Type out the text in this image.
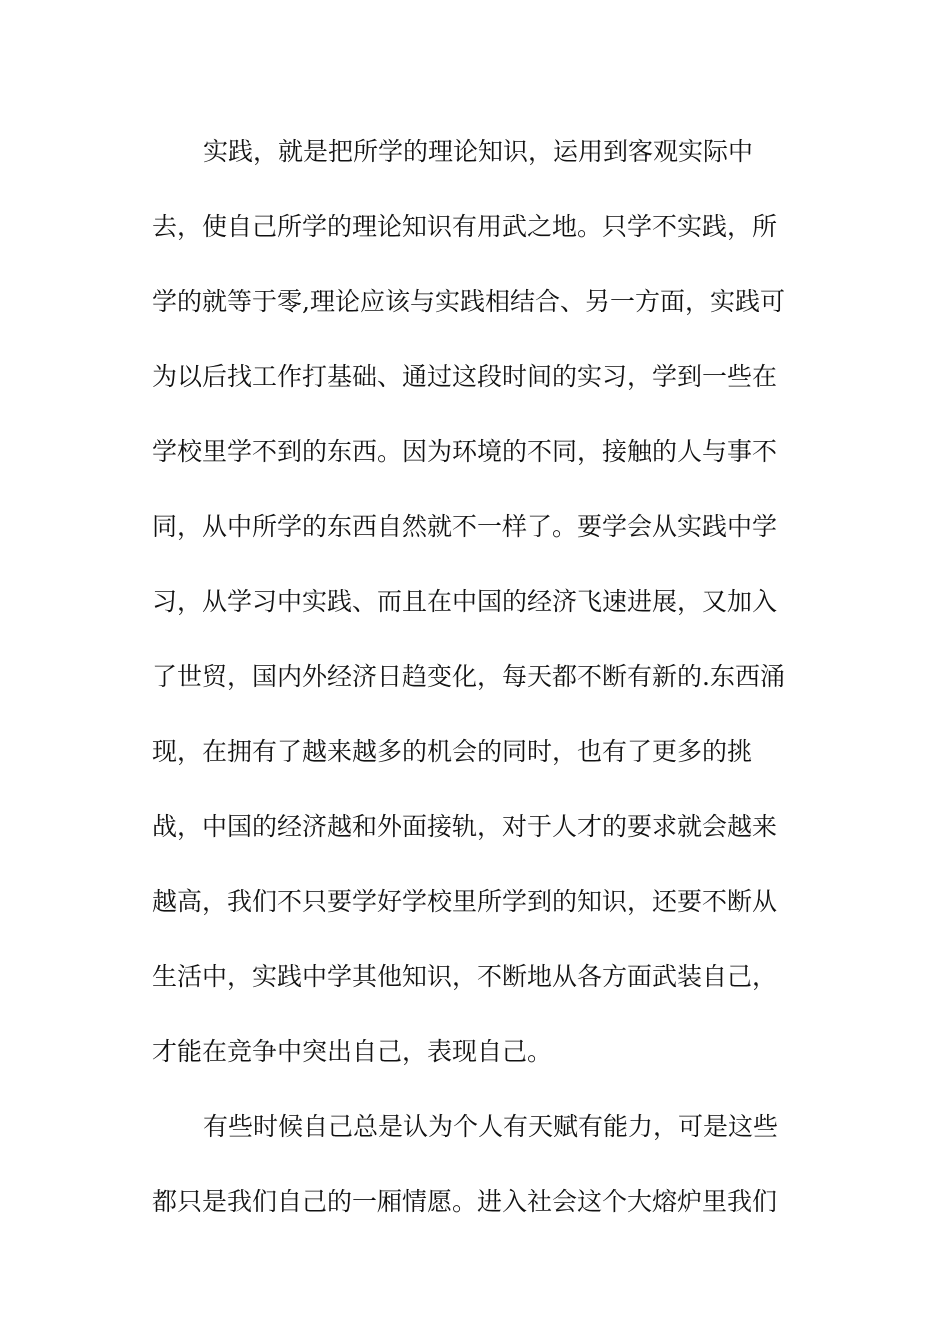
实践，就是把所学的理论知识，运用到客观实际中
去，使自己所学的理论知识有用武之地。只学不实践，所
学的就等于零,理论应该与实践相结合、另一方面，实践可
为以后找工作打基础、通过这段时间的实习，学到一些在
学校里学不到的东西。因为环境的不同，接触的人与事不
同，从中所学的东西自然就不一样了。要学会从实践中学
习，从学习中实践、而且在中国的经济飞速进展，又加入
了世贸，国内外经济日趋变化，每天都不断有新的.东西涌
现，在拥有了越来越多的机会的同时，也有了更多的挑
战，中国的经济越和外面接轨，对于人才的要求就会越来
越高，我们不只要学好学校里所学到的知识，还要不断从
生活中，实践中学其他知识，不断地从各方面武装自己，
才能在竞争中突出自己，表现自己。
有些时候自己总是认为个人有天赋有能力，可是这些
都只是我们自己的一厢情愿。进入社会这个大熔炉里我们
